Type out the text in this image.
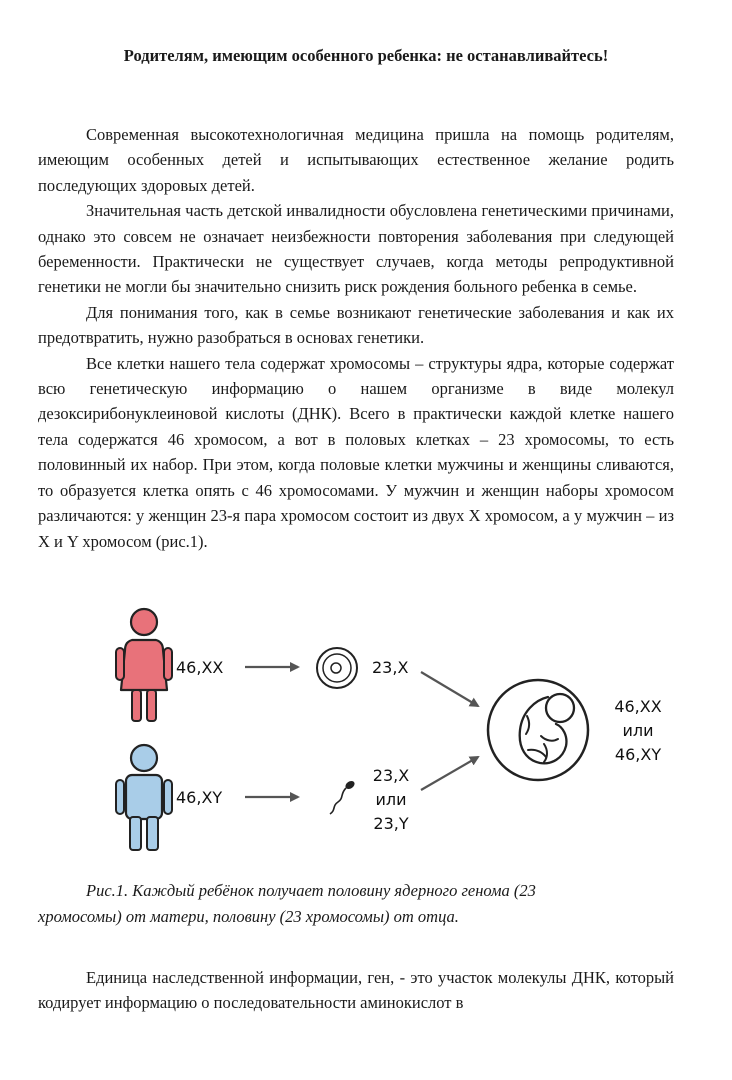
Родителям, имеющим особенного ребенка: не останавливайтесь!

Современная высокотехнологичная медицина пришла на помощь родителям, имеющим особенных детей и испытывающих естественное желание родить последующих здоровых детей.

Значительная часть детской инвалидности обусловлена генетическими причинами, однако это совсем не означает неизбежности повторения заболевания при следующей беременности. Практически не существует случаев, когда методы репродуктивной генетики не могли бы значительно снизить риск рождения больного ребенка в семье.

Для понимания того, как в семье возникают генетические заболевания и как их предотвратить, нужно разобраться в основах генетики.

Все клетки нашего тела содержат хромосомы – структуры ядра, которые содержат всю генетическую информацию о нашем организме в виде молекул дезоксирибонуклеиновой кислоты (ДНК). Всего в практически каждой клетке нашего тела содержатся 46 хромосом, а вот в половых клетках – 23 хромосомы, то есть половинный их набор. При этом, когда половые клетки мужчины и женщины сливаются, то образуется клетка опять с 46 хромосомами. У мужчин и женщин наборы хромосом различаются: у женщин 23-я пара хромосом состоит из двух X хромосом, а у мужчин – из X и Y хромосом (рис.1).

46,XX
46,XY
23,X
23,X
или
23,Y
46,XX
или
46,XY
Рис.1. Каждый ребёнок получает половину ядерного генома (23
хромосомы) от матери, половину (23 хромосомы) от отца.

Единица наследственной информации, ген, - это участок молекулы ДНК, который кодирует информацию о последовательности аминокислот в
